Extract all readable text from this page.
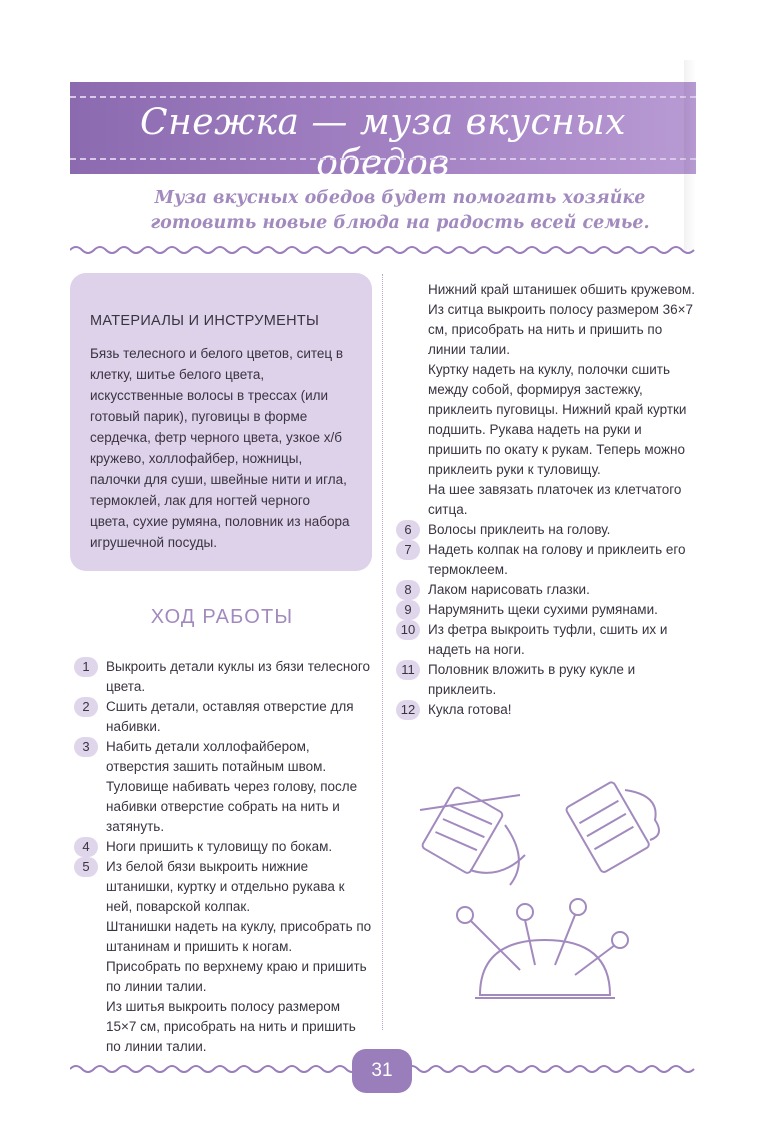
Снежка — муза вкусных обедов
Муза вкусных обедов будет помогать хозяйке готовить новые блюда на радость всей семье.
МАТЕРИАЛЫ И ИНСТРУМЕНТЫ
Бязь телесного и белого цветов, ситец в клетку, шитье белого цвета, искусственные волосы в трессах (или готовый парик), пуговицы в форме сердечка, фетр черного цвета, узкое х/б кружево, холлофайбер, ножницы, палочки для суши, швейные нити и игла, термоклей, лак для ногтей черного цвета, сухие румяна, половник из набора игрушечной посуды.
ХОД РАБОТЫ
1	Выкроить детали куклы из бязи телесного цвета.
2	Сшить детали, оставляя отверстие для набивки.
3	Набить детали холлофайбером, отверстия зашить потайным швом. Туловище набивать через голову, после набивки отверстие собрать на нить и затянуть.
4	Ноги пришить к туловищу по бокам.
5	Из белой бязи выкроить нижние штанишки, куртку и отдельно рукава к ней, поварской колпак.
Штанишки надеть на куклу, присобрать по штанинам и пришить к ногам.
Присобрать по верхнему краю и пришить по линии талии.
Из шитья выкроить полосу размером 15×7 см, присобрать на нить и пришить по линии талии.
Нижний край штанишек обшить кружевом.
Из ситца выкроить полосу размером 36×7 см, присобрать на нить и пришить по линии талии.
Куртку надеть на куклу, полочки сшить между собой, формируя застежку, приклеить пуговицы. Нижний край куртки подшить. Рукава надеть на руки и пришить по окату к рукам. Теперь можно приклеить руки к туловищу.
На шее завязать платочек из клетчатого ситца.
6	Волосы приклеить на голову.
7	Надеть колпак на голову и приклеить его термоклеем.
8	Лаком нарисовать глазки.
9	Нарумянить щеки сухими румянами.
10 Из фетра выкроить туфли, сшить их и надеть на ноги.
11 Половник вложить в руку кукле и приклеить.
12 Кукла готова!
31
